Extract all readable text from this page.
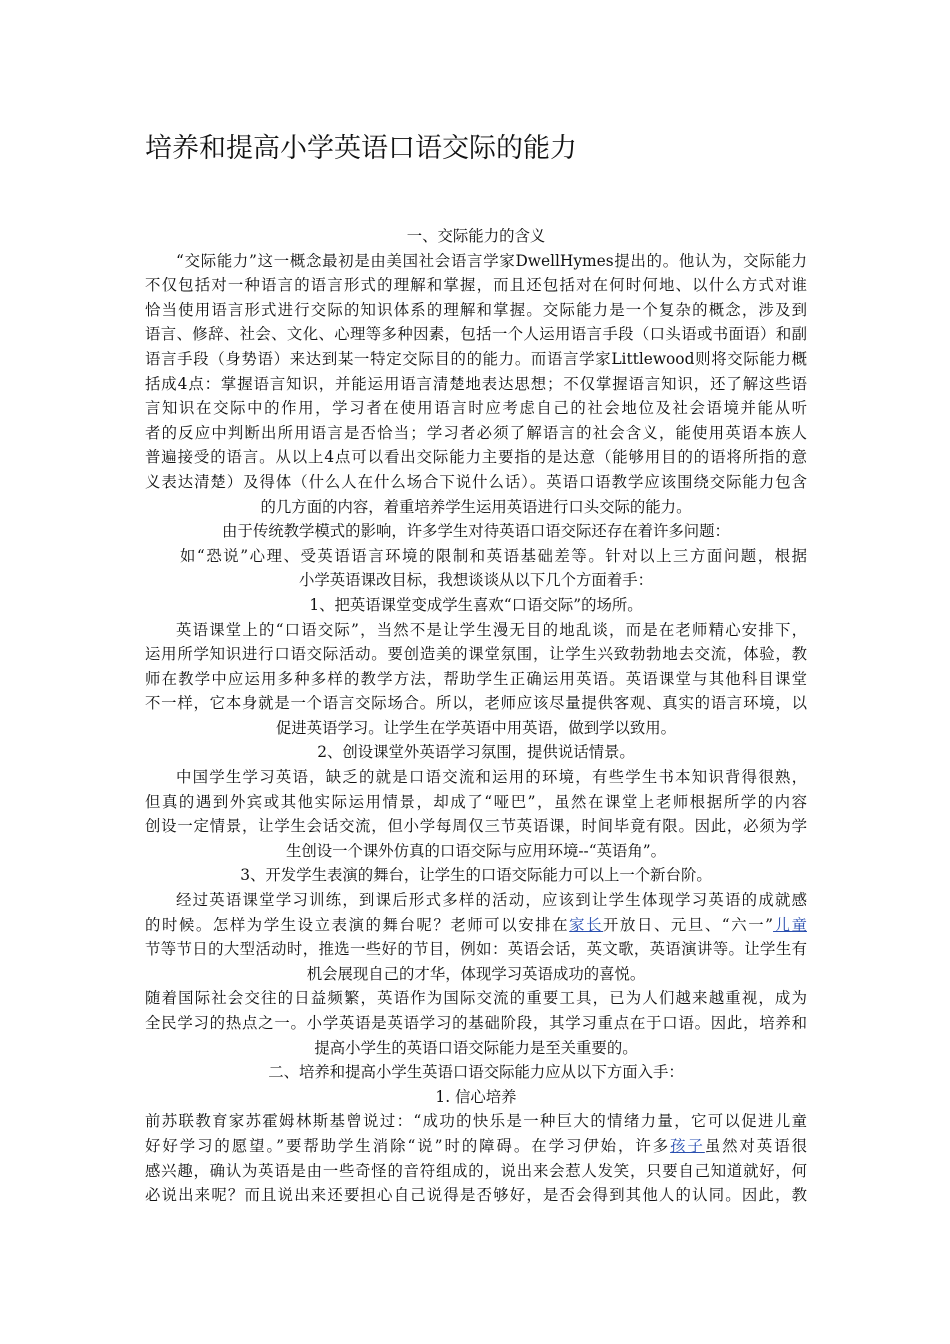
培养和提高小学英语口语交际的能力
一、交际能力的含义
“交际能力”这一概念最初是由美国社会语言学家DwellHymes提出的。他认为，交际能力
不仅包括对一种语言的语言形式的理解和掌握，而且还包括对在何时何地、以什么方式对谁
恰当使用语言形式进行交际的知识体系的理解和掌握。交际能力是一个复杂的概念，涉及到
语言、修辞、社会、文化、心理等多种因素，包括一个人运用语言手段（口头语或书面语）和副
语言手段（身势语）来达到某一特定交际目的的能力。而语言学家Littlewood则将交际能力概
括成4点：掌握语言知识，并能运用语言清楚地表达思想；不仅掌握语言知识，还了解这些语
言知识在交际中的作用，学习者在使用语言时应考虑自己的社会地位及社会语境并能从听
者的反应中判断出所用语言是否恰当；学习者必须了解语言的社会含义，能使用英语本族人
普遍接受的语言。从以上4点可以看出交际能力主要指的是达意（能够用目的的语将所指的意
义表达清楚）及得体（什么人在什么场合下说什么话）。英语口语教学应该围绕交际能力包含
的几方面的内容，着重培养学生运用英语进行口头交际的能力。
由于传统教学模式的影响，许多学生对待英语口语交际还存在着许多问题：
如“恐说”心理、受英语语言环境的限制和英语基础差等。针对以上三方面问题，根据
小学英语课改目标，我想谈谈从以下几个方面着手：
1、把英语课堂变成学生喜欢“口语交际”的场所。
英语课堂上的“口语交际”，当然不是让学生漫无目的地乱谈，而是在老师精心安排下，
运用所学知识进行口语交际活动。要创造美的课堂氛围，让学生兴致勃勃地去交流，体验，教
师在教学中应运用多种多样的教学方法，帮助学生正确运用英语。英语课堂与其他科目课堂
不一样，它本身就是一个语言交际场合。所以，老师应该尽量提供客观、真实的语言环境，以
促进英语学习。让学生在学英语中用英语，做到学以致用。
2、创设课堂外英语学习氛围，提供说话情景。
中国学生学习英语，缺乏的就是口语交流和运用的环境，有些学生书本知识背得很熟，
但真的遇到外宾或其他实际运用情景，却成了“哑巴”，虽然在课堂上老师根据所学的内容
创设一定情景，让学生会话交流，但小学每周仅三节英语课，时间毕竟有限。因此，必须为学
生创设一个课外仿真的口语交际与应用环境--“英语角”。
3、开发学生表演的舞台，让学生的口语交际能力可以上一个新台阶。
经过英语课堂学习训练，到课后形式多样的活动，应该到让学生体现学习英语的成就感
的时候。怎样为学生设立表演的舞台呢？老师可以安排在家长开放日、元旦、“六一”儿童
节等节日的大型活动时，推选一些好的节目，例如：英语会话，英文歌，英语演讲等。让学生有
机会展现自己的才华，体现学习英语成功的喜悦。
随着国际社会交往的日益频繁，英语作为国际交流的重要工具，已为人们越来越重视，成为
全民学习的热点之一。小学英语是英语学习的基础阶段，其学习重点在于口语。因此，培养和
提高小学生的英语口语交际能力是至关重要的。
二、培养和提高小学生英语口语交际能力应从以下方面入手：
1. 信心培养
前苏联教育家苏霍姆林斯基曾说过：“成功的快乐是一种巨大的情绪力量，它可以促进儿童
好好学习的愿望。”要帮助学生消除“说”时的障碍。在学习伊始，许多孩子虽然对英语很
感兴趣，确认为英语是由一些奇怪的音符组成的，说出来会惹人发笑，只要自己知道就好，何
必说出来呢？而且说出来还要担心自己说得是否够好，是否会得到其他人的认同。因此，教
